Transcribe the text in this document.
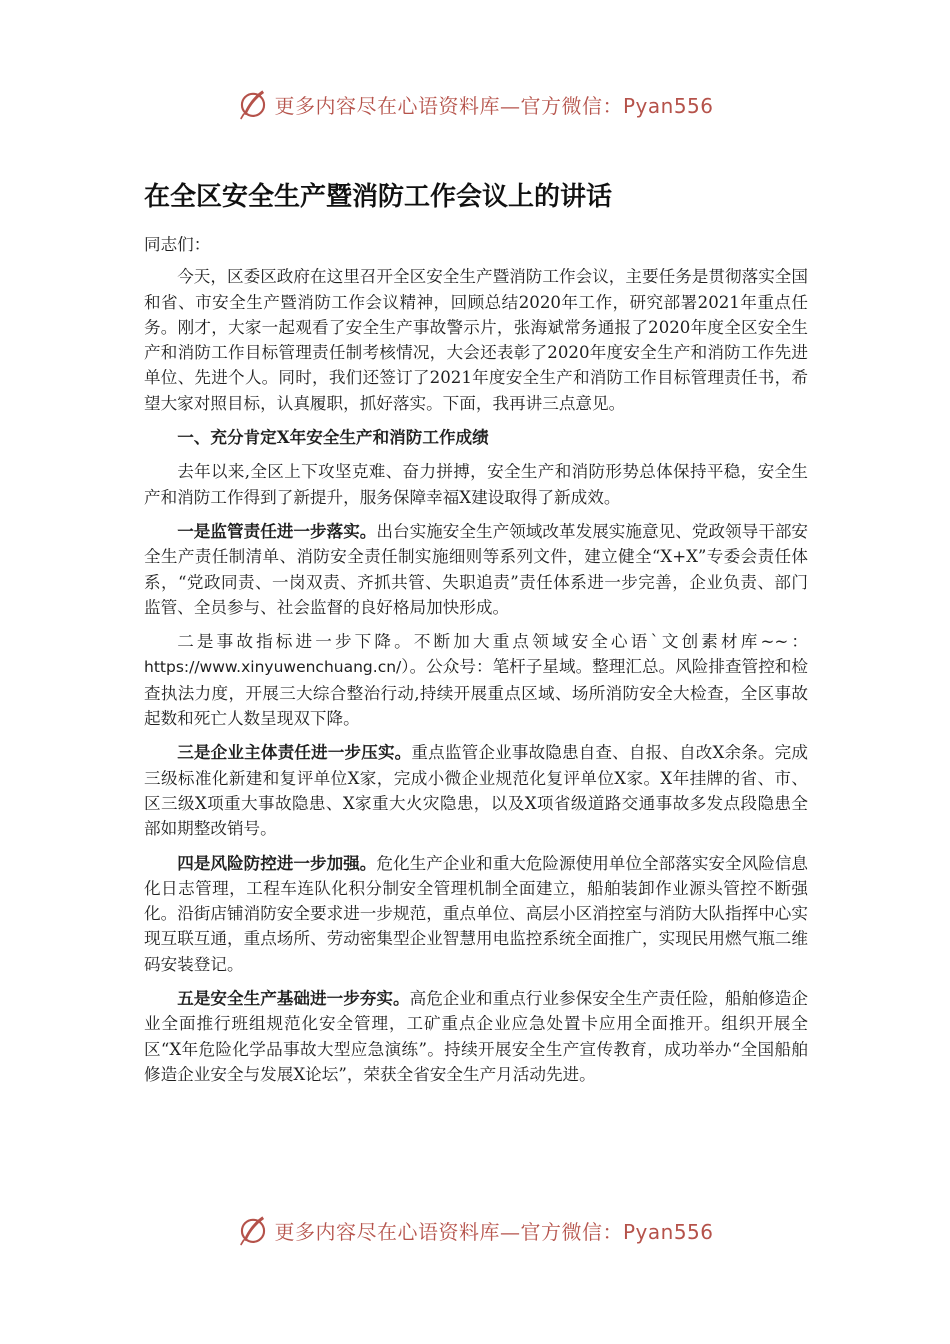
更多内容尽在心语资料库—官方微信：Pyan556
在全区安全生产暨消防工作会议上的讲话

同志们：

今天，区委区政府在这里召开全区安全生产暨消防工作会议，主要任务是贯彻落实全国和省、市安全生产暨消防工作会议精神，回顾总结2020年工作，研究部署2021年重点任务。刚才，大家一起观看了安全生产事故警示片，张海斌常务通报了2020年度全区安全生产和消防工作目标管理责任制考核情况，大会还表彰了2020年度安全生产和消防工作先进单位、先进个人。同时，我们还签订了2021年度安全生产和消防工作目标管理责任书，希望大家对照目标，认真履职，抓好落实。下面，我再讲三点意见。

一、充分肯定X年安全生产和消防工作成绩

去年以来,全区上下攻坚克难、奋力拼搏，安全生产和消防形势总体保持平稳，安全生产和消防工作得到了新提升，服务保障幸福X建设取得了新成效。

一是监管责任进一步落实。出台实施安全生产领域改革发展实施意见、党政领导干部安全生产责任制清单、消防安全责任制实施细则等系列文件，建立健全“X+X”专委会责任体系，“党政同责、一岗双责、齐抓共管、失职追责”责任体系进一步完善，企业负责、部门监管、全员参与、社会监督的良好格局加快形成。

二是事故指标进一步下降。不断加大重点领域安全心语`文创素材库~~：https://www.xinyuwenchuang.cn/）。公众号：笔杆子星域。整理汇总。风险排查管控和检查执法力度，开展三大综合整治行动,持续开展重点区域、场所消防安全大检查，全区事故起数和死亡人数呈现双下降。

三是企业主体责任进一步压实。重点监管企业事故隐患自查、自报、自改X余条。完成三级标准化新建和复评单位X家，完成小微企业规范化复评单位X家。X年挂牌的省、市、区三级X项重大事故隐患、X家重大火灾隐患，以及X项省级道路交通事故多发点段隐患全部如期整改销号。

四是风险防控进一步加强。危化生产企业和重大危险源使用单位全部落实安全风险信息化日志管理，工程车连队化积分制安全管理机制全面建立，船舶装卸作业源头管控不断强化。沿街店铺消防安全要求进一步规范，重点单位、高层小区消控室与消防大队指挥中心实现互联互通，重点场所、劳动密集型企业智慧用电监控系统全面推广，实现民用燃气瓶二维码安装登记。

五是安全生产基础进一步夯实。高危企业和重点行业参保安全生产责任险，船舶修造企业全面推行班组规范化安全管理，工矿重点企业应急处置卡应用全面推开。组织开展全区“X年危险化学品事故大型应急演练”。持续开展安全生产宣传教育，成功举办“全国船舶修造企业安全与发展X论坛”，荣获全省安全生产月活动先进。

更多内容尽在心语资料库—官方微信：Pyan556
